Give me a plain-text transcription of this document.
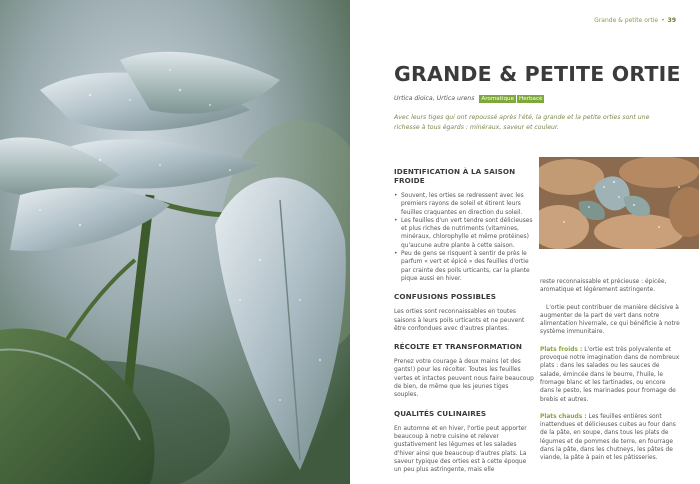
Grande & petite ortie • 39
GRANDE & PETITE ORTIE
Urtica dioica, Urtica urens Aromatique Herbacé
Avec leurs tiges qui ont repoussé après l'été, la grande et la petite orties sont une richesse à tous égards : minéraux, saveur et couleur.
IDENTIFICATION À LA SAISON FROIDE
• Souvent, les orties se redressent avec les premiers rayons de soleil et étirent leurs feuilles craquantes en direction du soleil.
• Les feuilles d'un vert tendre sont délicieuses et plus riches de nutriments (vitamines, minéraux, chlorophylle et même protéines) qu'aucune autre plante à cette saison.
• Peu de gens se risquent à sentir de près le parfum « vert et épicé » des feuilles d'ortie par crainte des poils urticants, car la plante pique aussi en hiver.
CONFUSIONS POSSIBLES
Les orties sont reconnaissables en toutes saisons à leurs poils urticants et ne peuvent être confondues avec d'autres plantes.
RÉCOLTE ET TRANSFORMATION
Prenez votre courage à deux mains (et des gants!) pour les récolter. Toutes les feuilles vertes et intactes peuvent nous faire beaucoup de bien, de même que les jeunes tiges souples.
QUALITÉS CULINAIRES
En automne et en hiver, l'ortie peut apporter beaucoup à notre cuisine et relever gustativement les légumes et les salades d'hiver ainsi que beaucoup d'autres plats. La saveur typique des orties est à cette époque un peu plus astringente, mais elle
reste reconnaissable et précieuse : épicée, aromatique et légèrement astringente.
L'ortie peut contribuer de manière décisive à augmenter de la part de vert dans notre alimentation hivernale, ce qui bénéficie à notre système immunitaire.
Plats froids : L'ortie est très polyvalente et provoque notre imagination dans de nombreux plats : dans les salades ou les sauces de salade, émincée dans le beurre, l'huile, le fromage blanc et les tartinades, ou encore dans le pesto, les marinades pour fromage de brebis et autres.
Plats chauds : Les feuilles entières sont inattendues et délicieuses cuites au four dans de la pâte, en soupe, dans tous les plats de légumes et de pommes de terre, en fourrage dans la pâte, dans les chutneys, les pâtes de viande, la pâte à pain et les pâtisseries.
